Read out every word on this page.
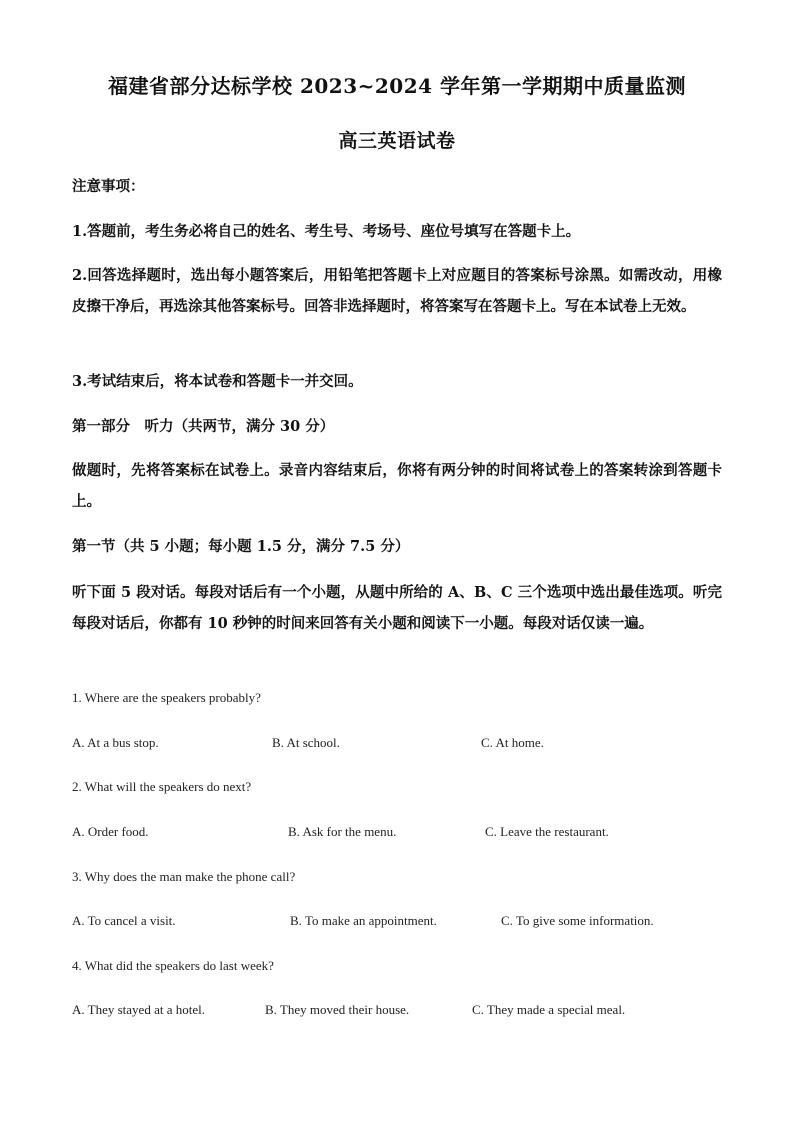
福建省部分达标学校 2023~2024 学年第一学期期中质量监测
高三英语试卷
注意事项：
1.答题前，考生务必将自己的姓名、考生号、考场号、座位号填写在答题卡上。
2.回答选择题时，选出每小题答案后，用铅笔把答题卡上对应题目的答案标号涂黑。如需改动，用橡皮擦干净后，再选涂其他答案标号。回答非选择题时，将答案写在答题卡上。写在本试卷上无效。
3.考试结束后，将本试卷和答题卡一并交回。
第一部分　听力（共两节，满分 30 分）
做题时，先将答案标在试卷上。录音内容结束后，你将有两分钟的时间将试卷上的答案转涂到答题卡上。
第一节（共 5 小题；每小题 1.5 分，满分 7.5 分）
听下面 5 段对话。每段对话后有一个小题，从题中所给的 A、B、C 三个选项中选出最佳选项。听完每段对话后，你都有 10 秒钟的时间来回答有关小题和阅读下一小题。每段对话仅读一遍。
1. Where are the speakers probably?
A. At a bus stop.	B. At school.	C. At home.
2. What will the speakers do next?
A. Order food.	B. Ask for the menu.	C. Leave the restaurant.
3. Why does the man make the phone call?
A. To cancel a visit.	B. To make an appointment.	C. To give some information.
4. What did the speakers do last week?
A. They stayed at a hotel.	B. They moved their house.	C. They made a special meal.
